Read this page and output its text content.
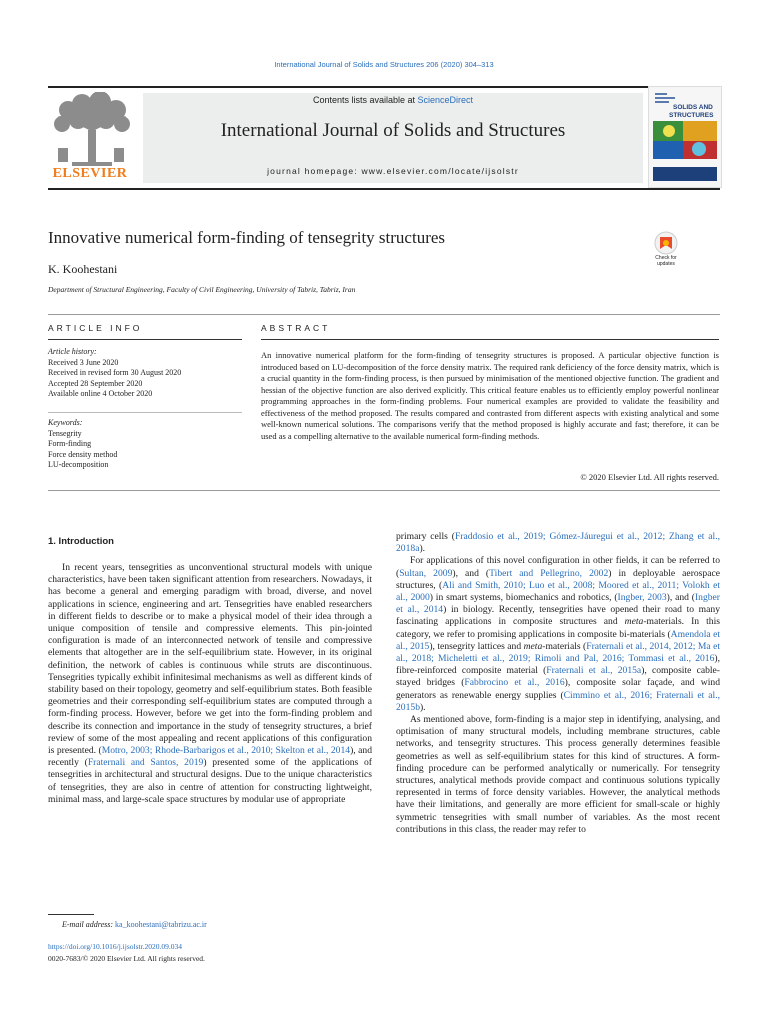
International Journal of Solids and Structures 206 (2020) 304–313
ELSEVIER
Contents lists available at ScienceDirect
International Journal of Solids and Structures
journal homepage: www.elsevier.com/locate/ijsolstr
SOLIDS AND
STRUCTURES
Innovative numerical form-finding of tensegrity structures
Check for
updates
K. Koohestani
Department of Structural Engineering, Faculty of Civil Engineering, University of Tabriz, Tabriz, Iran
ARTICLE INFO	ABSTRACT
Article history:
Received 3 June 2020
Received in revised form 30 August 2020
Accepted 28 September 2020
Available online 4 October 2020
Keywords:
Tensegrity
Form-finding
Force density method
LU-decomposition
An innovative numerical platform for the form-finding of tensegrity structures is proposed. A particular objective function is introduced based on LU-decomposition of the force density matrix. The required rank deficiency of the force density matrix, which is a crucial quantity in the form-finding process, is then pursued by minimisation of the mentioned objective function. The gradient and hessian of the objective function are also derived explicitly. This critical feature enables us to efficiently employ powerful nonlinear programming approaches in the form-finding problems. Four numerical examples are provided to validate the feasibility and effectiveness of the method proposed. The results compared and contrasted from different aspects with existing analytical and some well-known numerical solutions. The comparisons verify that the method proposed is highly accurate and fast; therefore, it can be used as a compelling alternative to the available numerical form-finding methods.
© 2020 Elsevier Ltd. All rights reserved.
1. Introduction

In recent years, tensegrities as unconventional structural models with unique characteristics, have been taken significant attention from researchers. Nowadays, it has become a general and emerging paradigm with broad, diverse, and novel applications in science, engineering and art. Tensegrities have enabled researchers in different fields to describe or to make a physical model of their idea through a unique composition of tensile and compressive elements. This pin-jointed configuration is made of an interconnected network of tensile and compressive elements that altogether are in the self-equilibrium state. However, in its original definition, the network of cables is continuous while struts are discontinuous. Tensegrities typically exhibit infinitesimal mechanisms as well as different kinds of stability based on their topology, geometry and self-equilibrium states. Both feasible geometries and their corresponding self-equilibrium states are computed through a form-finding process. However, before we get into the form-finding problem and describe its connection and importance in the study of tensegrity structures, a brief review of some of the most appealing and recent applications of this configuration is presented. (Motro, 2003; Rhode-Barbarigos et al., 2010; Skelton et al., 2014), and recently (Fraternali and Santos, 2019) presented some of the applications of tensegrities in architectural and structural designs. Due to the unique characteristics of tensegrities, they are also in centre of attention for constructing lightweight, minimal mass, and large-scale space structures by modular use of appropriate

primary cells (Fraddosio et al., 2019; Gómez-Jáuregui et al., 2012; Zhang et al., 2018a).

For applications of this novel configuration in other fields, it can be referred to (Sultan, 2009), and (Tibert and Pellegrino, 2002) in deployable aerospace structures, (Ali and Smith, 2010; Luo et al., 2008; Moored et al., 2011; Volokh et al., 2000) in smart systems, biomechanics and robotics, (Ingber, 2003), and (Ingber et al., 2014) in biology. Recently, tensegrities have opened their road to many fascinating applications in composite structures and meta-materials. In this category, we refer to promising applications in composite bi-materials (Amendola et al., 2015), tensegrity lattices and meta-materials (Fraternali et al., 2014, 2012; Ma et al., 2018; Micheletti et al., 2019; Rimoli and Pal, 2016; Tommasi et al., 2016), fibre-reinforced composite material (Fraternali et al., 2015a), composite cable-stayed bridges (Fabbrocino et al., 2016), composite solar façade, and wind generators as renewable energy supplies (Cimmino et al., 2016; Fraternali et al., 2015b).

As mentioned above, form-finding is a major step in identifying, analysing, and optimisation of many structural models, including membrane structures, cable networks, and tensegrity structures. This process generally determines feasible geometries as well as self-equilibrium states for this kind of structures. A form-finding procedure can be performed analytically or numerically. For tensegrity structures, analytical methods provide compact and continuous solutions typically represented in terms of force density variables. However, the analytical methods have their limitations, and generally are more efficient for small-scale or highly symmetric tensegrities with small number of variables. As the most recent contributions in this class, the reader may refer to

E-mail address: ka_koohestani@tabrizu.ac.ir
https://doi.org/10.1016/j.ijsolstr.2020.09.034
0020-7683/© 2020 Elsevier Ltd. All rights reserved.
